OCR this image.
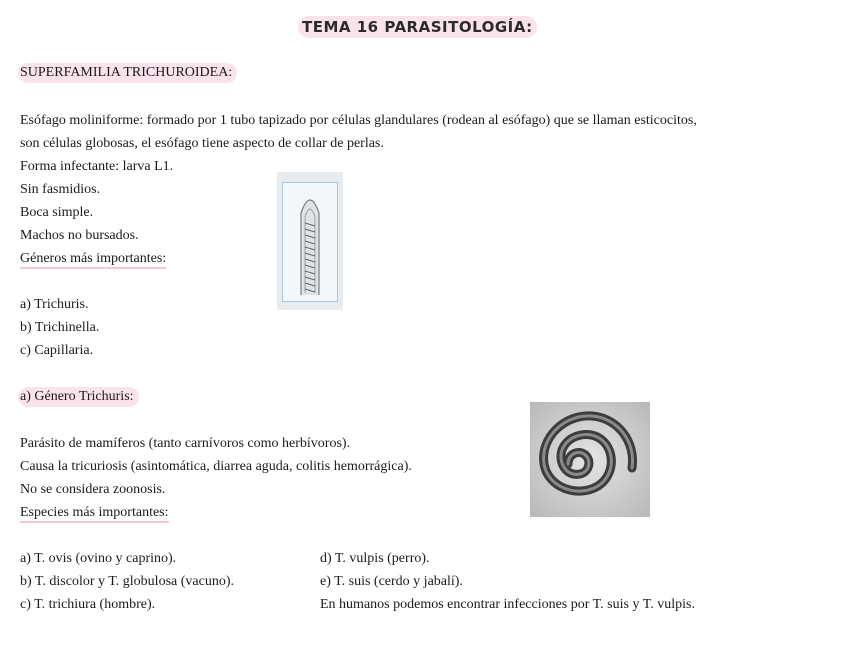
TEMA 16 PARASITOLOGÍA:
SUPERFAMILIA TRICHUROIDEA:
Esófago moliniforme: formado por 1 tubo tapizado por células glandulares (rodean al esófago) que se llaman esticocitos,
son células globosas, el esófago tiene aspecto de collar de perlas.
Forma infectante: larva L1.
Sin fasmidios.
Boca simple.
Machos no bursados.
Géneros más importantes:
a) Trichuris.
b) Trichinella.
c) Capillaria.
a) Género Trichuris:
Parásito de mamíferos (tanto carnívoros como herbívoros).
Causa la tricuriosis (asintomática, diarrea aguda, colitis hemorrágica).
No se considera zoonosis.
Especies más importantes:
a) T. ovis (ovino y caprino).
b) T. discolor y T. globulosa (vacuno).
c) T. trichiura (hombre).
d) T. vulpis (perro).
e) T. suis (cerdo y jabalí).
En humanos podemos encontrar infecciones por T. suis y T. vulpis.
